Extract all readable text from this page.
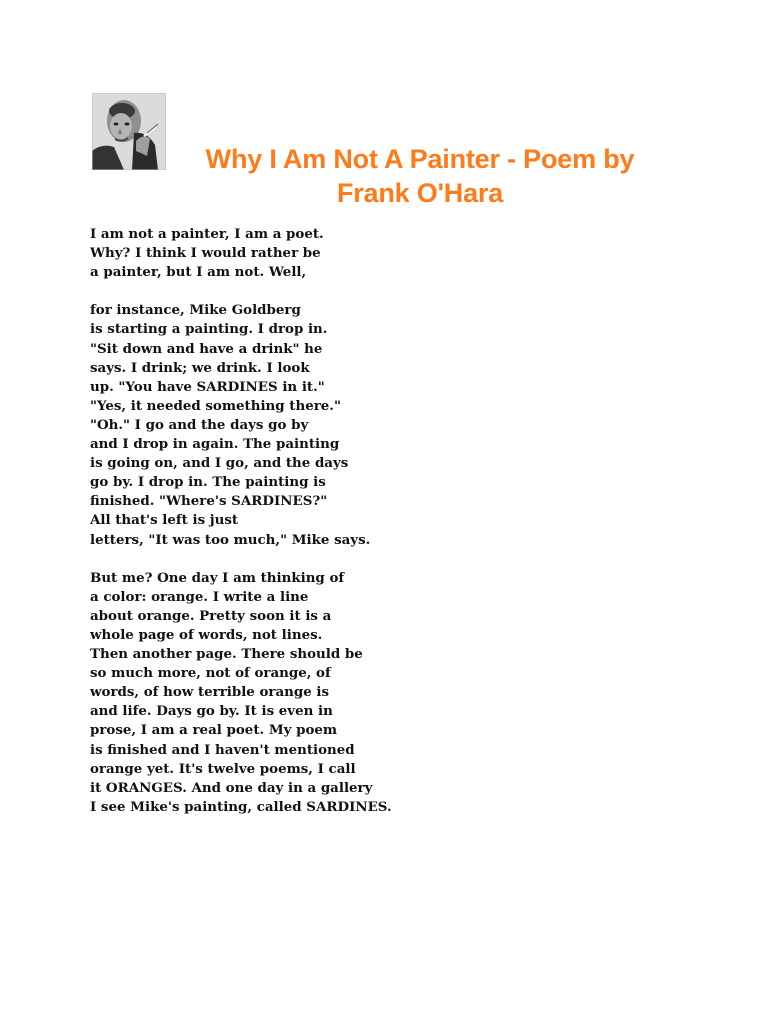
Why I Am Not A Painter - Poem by
Frank O'Hara
I am not a painter, I am a poet.
Why? I think I would rather be
a painter, but I am not. Well,
for instance, Mike Goldberg
is starting a painting. I drop in.
"Sit down and have a drink" he
says. I drink; we drink. I look
up. "You have SARDINES in it."
"Yes, it needed something there."
"Oh." I go and the days go by
and I drop in again. The painting
is going on, and I go, and the days
go by. I drop in. The painting is
finished. "Where's SARDINES?"
All that's left is just
letters, "It was too much," Mike says.
But me? One day I am thinking of
a color: orange. I write a line
about orange. Pretty soon it is a
whole page of words, not lines.
Then another page. There should be
so much more, not of orange, of
words, of how terrible orange is
and life. Days go by. It is even in
prose, I am a real poet. My poem
is finished and I haven't mentioned
orange yet. It's twelve poems, I call
it ORANGES. And one day in a gallery
I see Mike's painting, called SARDINES.
